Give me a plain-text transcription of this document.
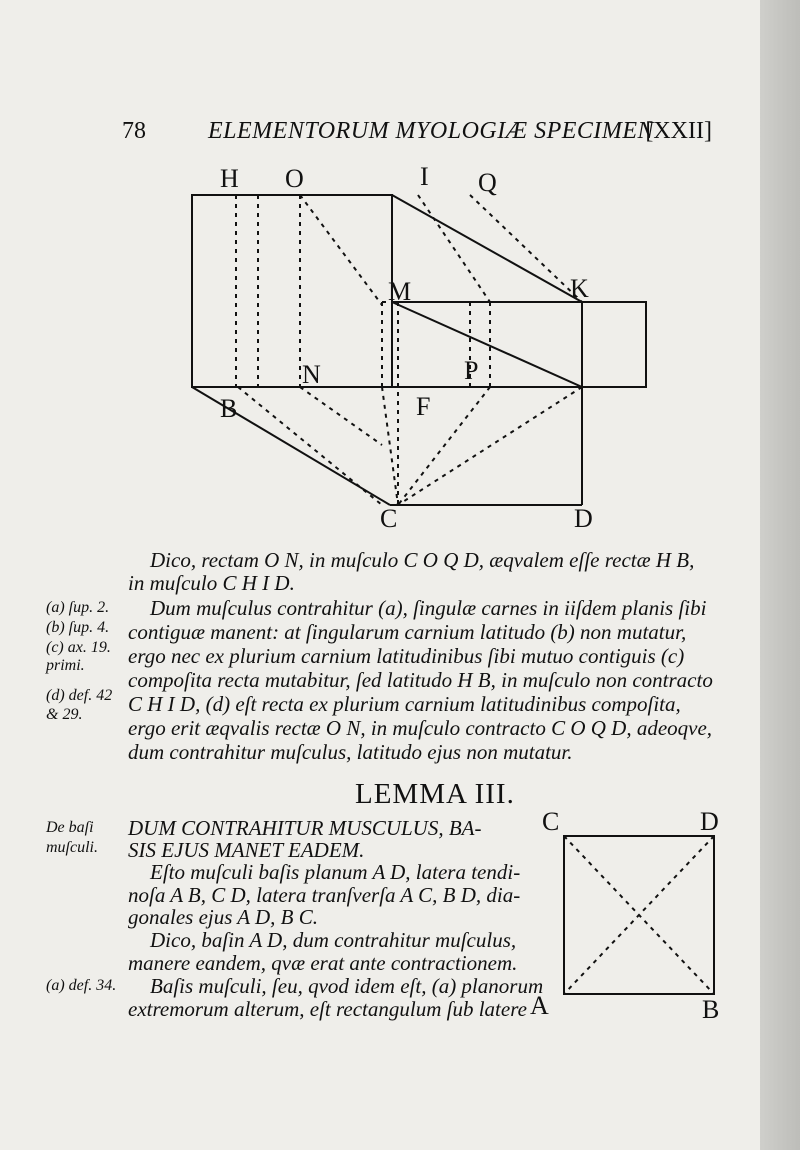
78	ELEMENTORUM MYOLOGIÆ SPECIMEN
[XXII]
H O	I Q
M	K
N	P
B	F
C	D
Dico, rectam O N, in muſculo C O Q D, æqvalem eſſe rectæ H B,
in muſculo C H I D.
Dum muſculus contrahitur (a), ſingulæ carnes in iiſdem planis ſibi
contiguæ manent: at ſingularum carnium latitudo (b) non mutatur,
ergo nec ex plurium carnium latitudinibus ſibi mutuo contiguis (c)
compoſita recta mutabitur, ſed latitudo H B, in muſculo non contracto
C H I D, (d) eſt recta ex plurium carnium latitudinibus compoſita,
ergo erit æqvalis rectæ O N, in muſculo contracto C O Q D, adeoqve,
dum contrahitur muſculus, latitudo ejus non mutatur.
(a) ſup. 2.
(b) ſup. 4.
(c) ax. 19.
primi.
(d) def. 42
& 29.
LEMMA III.
DUM CONTRAHITUR MUSCULUS, BA-
SIS EJUS MANET EADEM.
Eſto muſculi baſis planum A D, latera tendi-
noſa A B, C D, latera tranſverſa A C, B D, dia-
gonales ejus A D, B C.
Dico, baſin A D, dum contrahitur muſculus,
manere eandem, qvæ erat ante contractionem.
Baſis muſculi, ſeu, qvod idem eſt, (a) planorum
extremorum alterum, eſt rectangulum ſub latere
De baſi
muſculi.
(a) def. 34.
C	D
A	B
